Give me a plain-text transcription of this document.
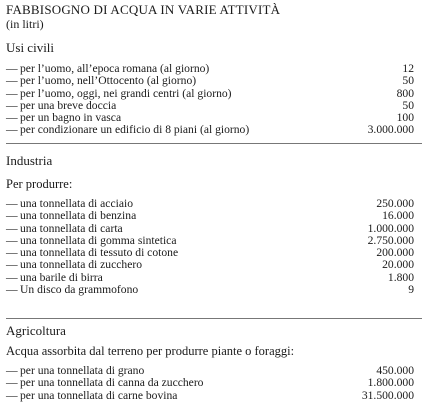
FABBISOGNO DI ACQUA IN VARIE ATTIVITÀ
(in litri)
Usi civili
— per l’uomo, all’epoca romana (al giorno)	12
— per l’uomo, nell’Ottocento (al giorno)	50
— per l’uomo, oggi, nei grandi centri (al giorno)	800
— per una breve doccia	50
— per un bagno in vasca	100
— per condizionare un edificio di 8 piani (al giorno)	3.000.000
Industria
Per produrre:
— una tonnellata di acciaio	250.000
— una tonnellata di benzina	16.000
— una tonnellata di carta	1.000.000
— una tonnellata di gomma sintetica	2.750.000
— una tonnellata di tessuto di cotone	200.000
— una tonnellata di zucchero	20.000
— una barile di birra	1.800
— Un disco da grammofono	9
Agricoltura
Acqua assorbita dal terreno per produrre piante o foraggi:
— per una tonnellata di grano	450.000
— per una tonnellata di canna da zucchero	1.800.000
— per una tonnellata di carne bovina	31.500.000
